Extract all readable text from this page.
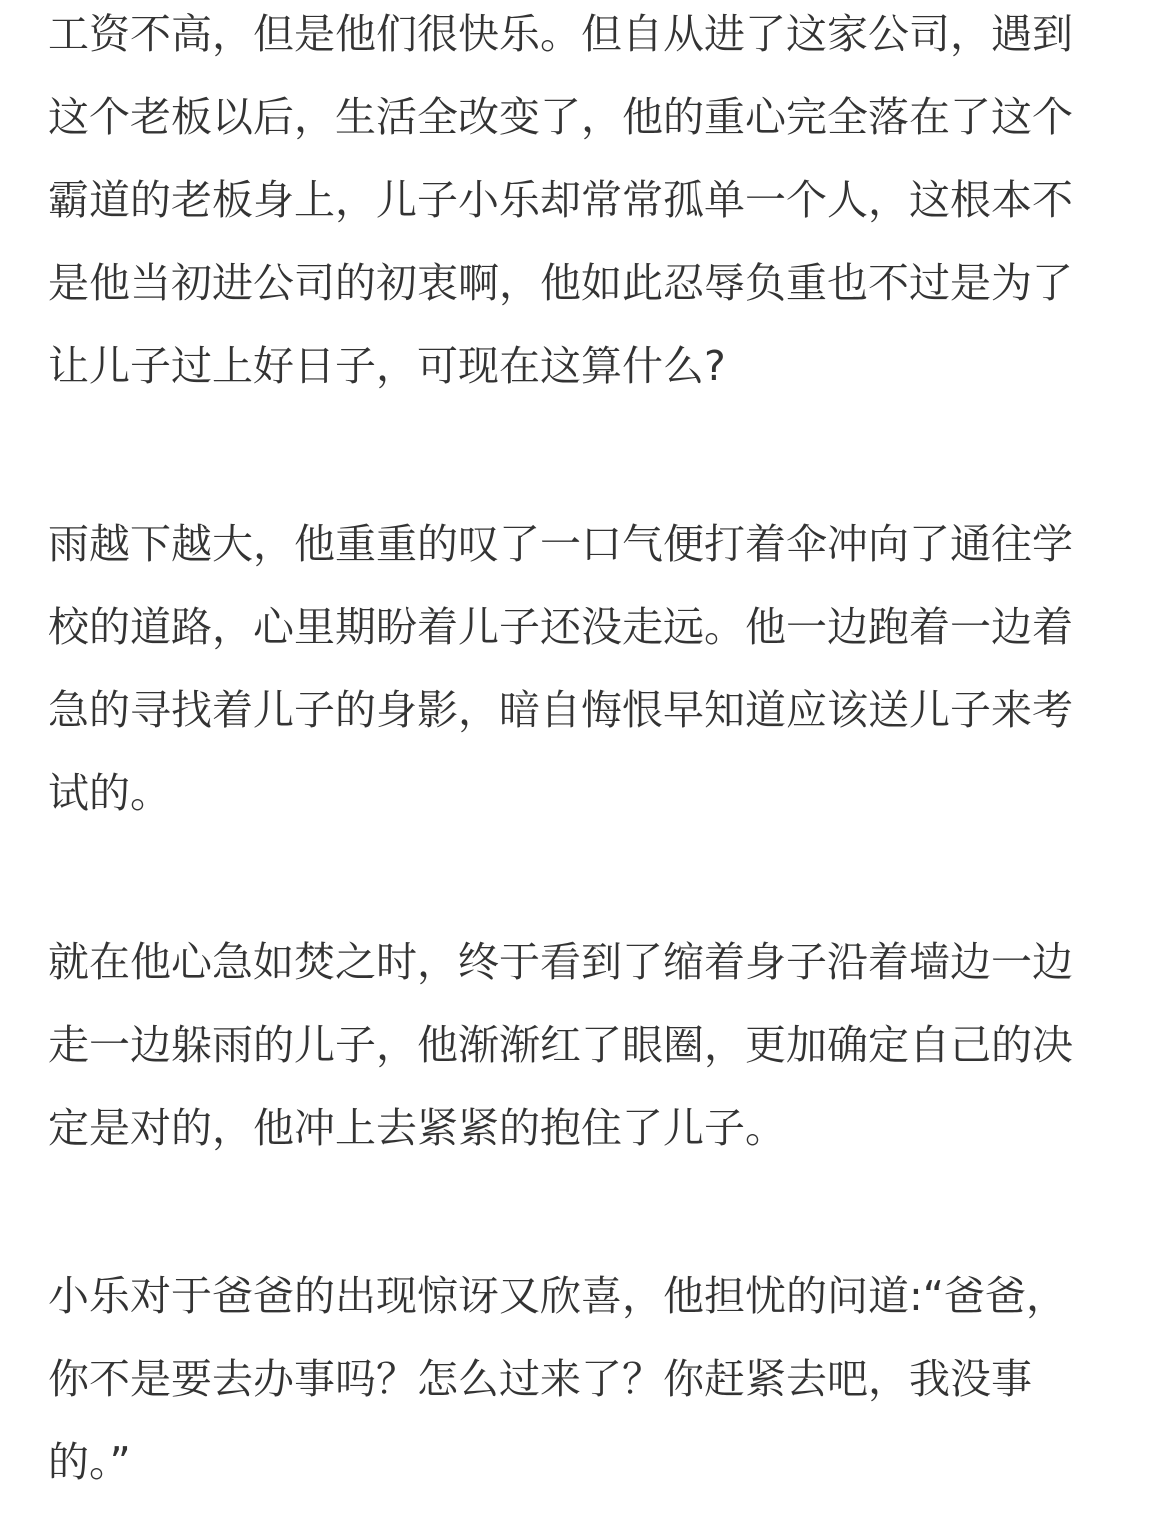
工资不高，但是他们很快乐。但自从进了这家公司，遇到
这个老板以后，生活全改变了，他的重心完全落在了这个
霸道的老板身上，儿子小乐却常常孤单一个人，这根本不
是他当初进公司的初衷啊，他如此忍辱负重也不过是为了
让儿子过上好日子，可现在这算什么?

雨越下越大，他重重的叹了一口气便打着伞冲向了通往学
校的道路，心里期盼着儿子还没走远。他一边跑着一边着
急的寻找着儿子的身影，暗自悔恨早知道应该送儿子来考
试的。

就在他心急如焚之时，终于看到了缩着身子沿着墙边一边
走一边躲雨的儿子，他渐渐红了眼圈，更加确定自己的决
定是对的，他冲上去紧紧的抱住了儿子。

小乐对于爸爸的出现惊讶又欣喜，他担忧的问道:“爸爸，
你不是要去办事吗？怎么过来了？你赶紧去吧，我没事
的。”
